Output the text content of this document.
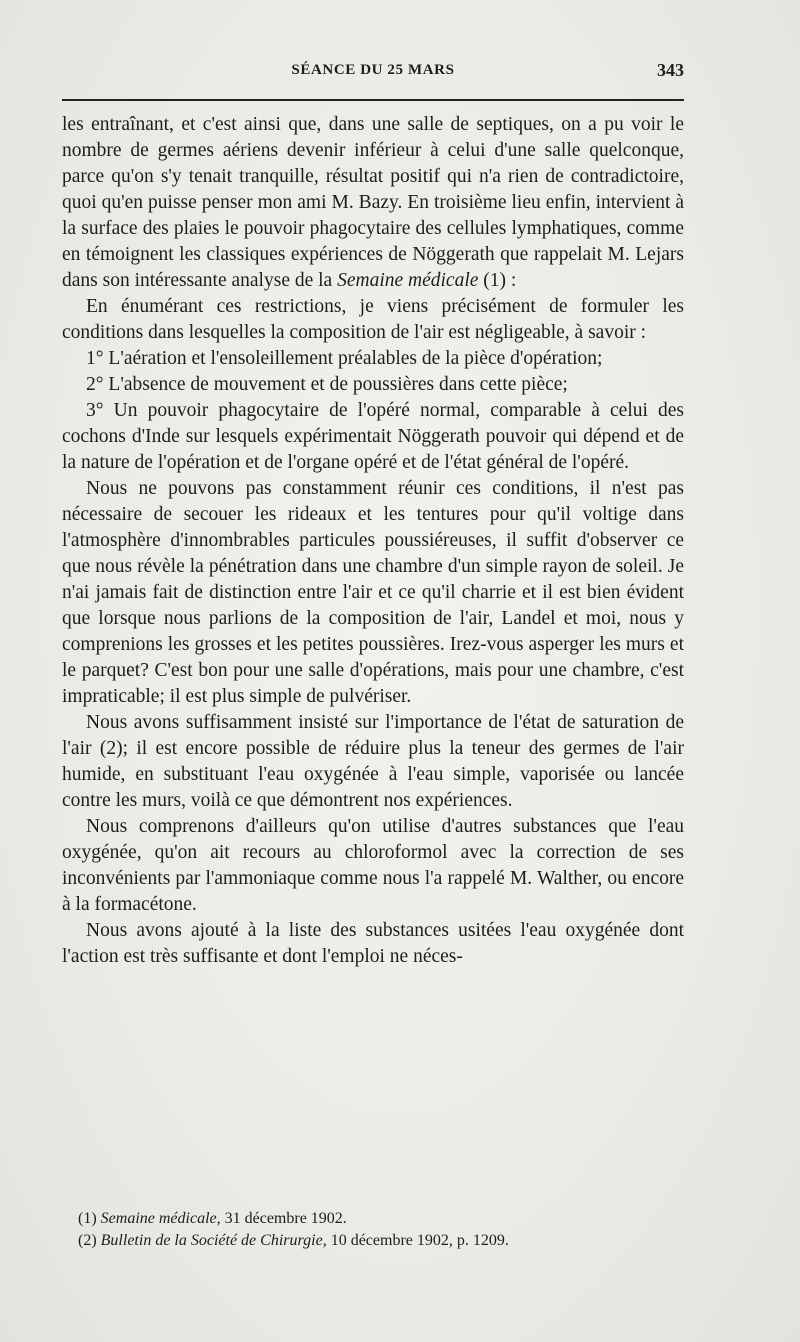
SÉANCE DU 25 MARS	343

les entraînant, et c'est ainsi que, dans une salle de septiques, on a pu voir le nombre de germes aériens devenir inférieur à celui d'une salle quelconque, parce qu'on s'y tenait tranquille, résultat positif qui n'a rien de contradictoire, quoi qu'en puisse penser mon ami M. Bazy. En troisième lieu enfin, intervient à la surface des plaies le pouvoir phagocytaire des cellules lymphatiques, comme en témoignent les classiques expériences de Nöggerath que rappelait M. Lejars dans son intéressante analyse de la Semaine médicale (1) :

En énumérant ces restrictions, je viens précisément de formuler les conditions dans lesquelles la composition de l'air est négligeable, à savoir :

1° L'aération et l'ensoleillement préalables de la pièce d'opération;

2° L'absence de mouvement et de poussières dans cette pièce;

3° Un pouvoir phagocytaire de l'opéré normal, comparable à celui des cochons d'Inde sur lesquels expérimentait Nöggerath pouvoir qui dépend et de la nature de l'opération et de l'organe opéré et de l'état général de l'opéré.

Nous ne pouvons pas constamment réunir ces conditions, il n'est pas nécessaire de secouer les rideaux et les tentures pour qu'il voltige dans l'atmosphère d'innombrables particules poussiéreuses, il suffit d'observer ce que nous révèle la pénétration dans une chambre d'un simple rayon de soleil. Je n'ai jamais fait de distinction entre l'air et ce qu'il charrie et il est bien évident que lorsque nous parlions de la composition de l'air, Landel et moi, nous y comprenions les grosses et les petites poussières. Irez-vous asperger les murs et le parquet? C'est bon pour une salle d'opérations, mais pour une chambre, c'est impraticable; il est plus simple de pulvériser.

Nous avons suffisamment insisté sur l'importance de l'état de saturation de l'air (2); il est encore possible de réduire plus la teneur des germes de l'air humide, en substituant l'eau oxygénée à l'eau simple, vaporisée ou lancée contre les murs, voilà ce que démontrent nos expériences.

Nous comprenons d'ailleurs qu'on utilise d'autres substances que l'eau oxygénée, qu'on ait recours au chloroformol avec la correction de ses inconvénients par l'ammoniaque comme nous l'a rappelé M. Walther, ou encore à la formacétone.

Nous avons ajouté à la liste des substances usitées l'eau oxygénée dont l'action est très suffisante et dont l'emploi ne néces-

(1) Semaine médicale, 31 décembre 1902.
(2) Bulletin de la Société de Chirurgie, 10 décembre 1902, p. 1209.
